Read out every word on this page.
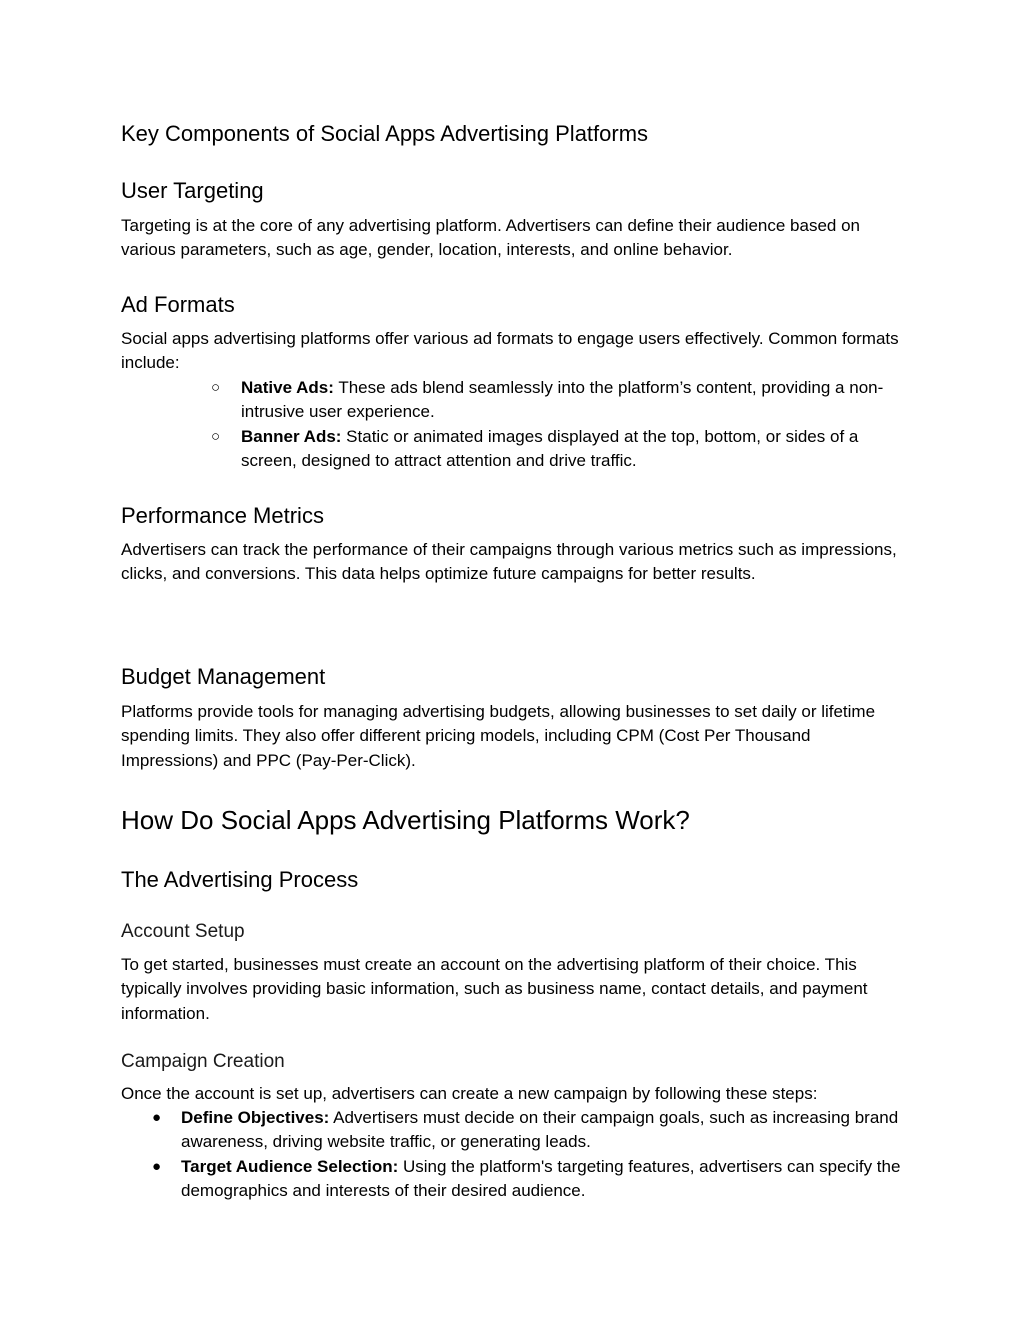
Key Components of Social Apps Advertising Platforms
User Targeting

Targeting is at the core of any advertising platform. Advertisers can define their audience based on various parameters, such as age, gender, location, interests, and online behavior.

Ad Formats

Social apps advertising platforms offer various ad formats to engage users effectively. Common formats include:

○ Native Ads: These ads blend seamlessly into the platform’s content, providing a non-intrusive user experience.
○ Banner Ads: Static or animated images displayed at the top, bottom, or sides of a screen, designed to attract attention and drive traffic.
Performance Metrics

Advertisers can track the performance of their campaigns through various metrics such as impressions, clicks, and conversions. This data helps optimize future campaigns for better results.

Budget Management

Platforms provide tools for managing advertising budgets, allowing businesses to set daily or lifetime spending limits. They also offer different pricing models, including CPM (Cost Per Thousand Impressions) and PPC (Pay-Per-Click).

How Do Social Apps Advertising Platforms Work?
The Advertising Process
Account Setup

To get started, businesses must create an account on the advertising platform of their choice. This typically involves providing basic information, such as business name, contact details, and payment information.

Campaign Creation

Once the account is set up, advertisers can create a new campaign by following these steps:

● Define Objectives: Advertisers must decide on their campaign goals, such as increasing brand awareness, driving website traffic, or generating leads.
● Target Audience Selection: Using the platform's targeting features, advertisers can specify the demographics and interests of their desired audience.
